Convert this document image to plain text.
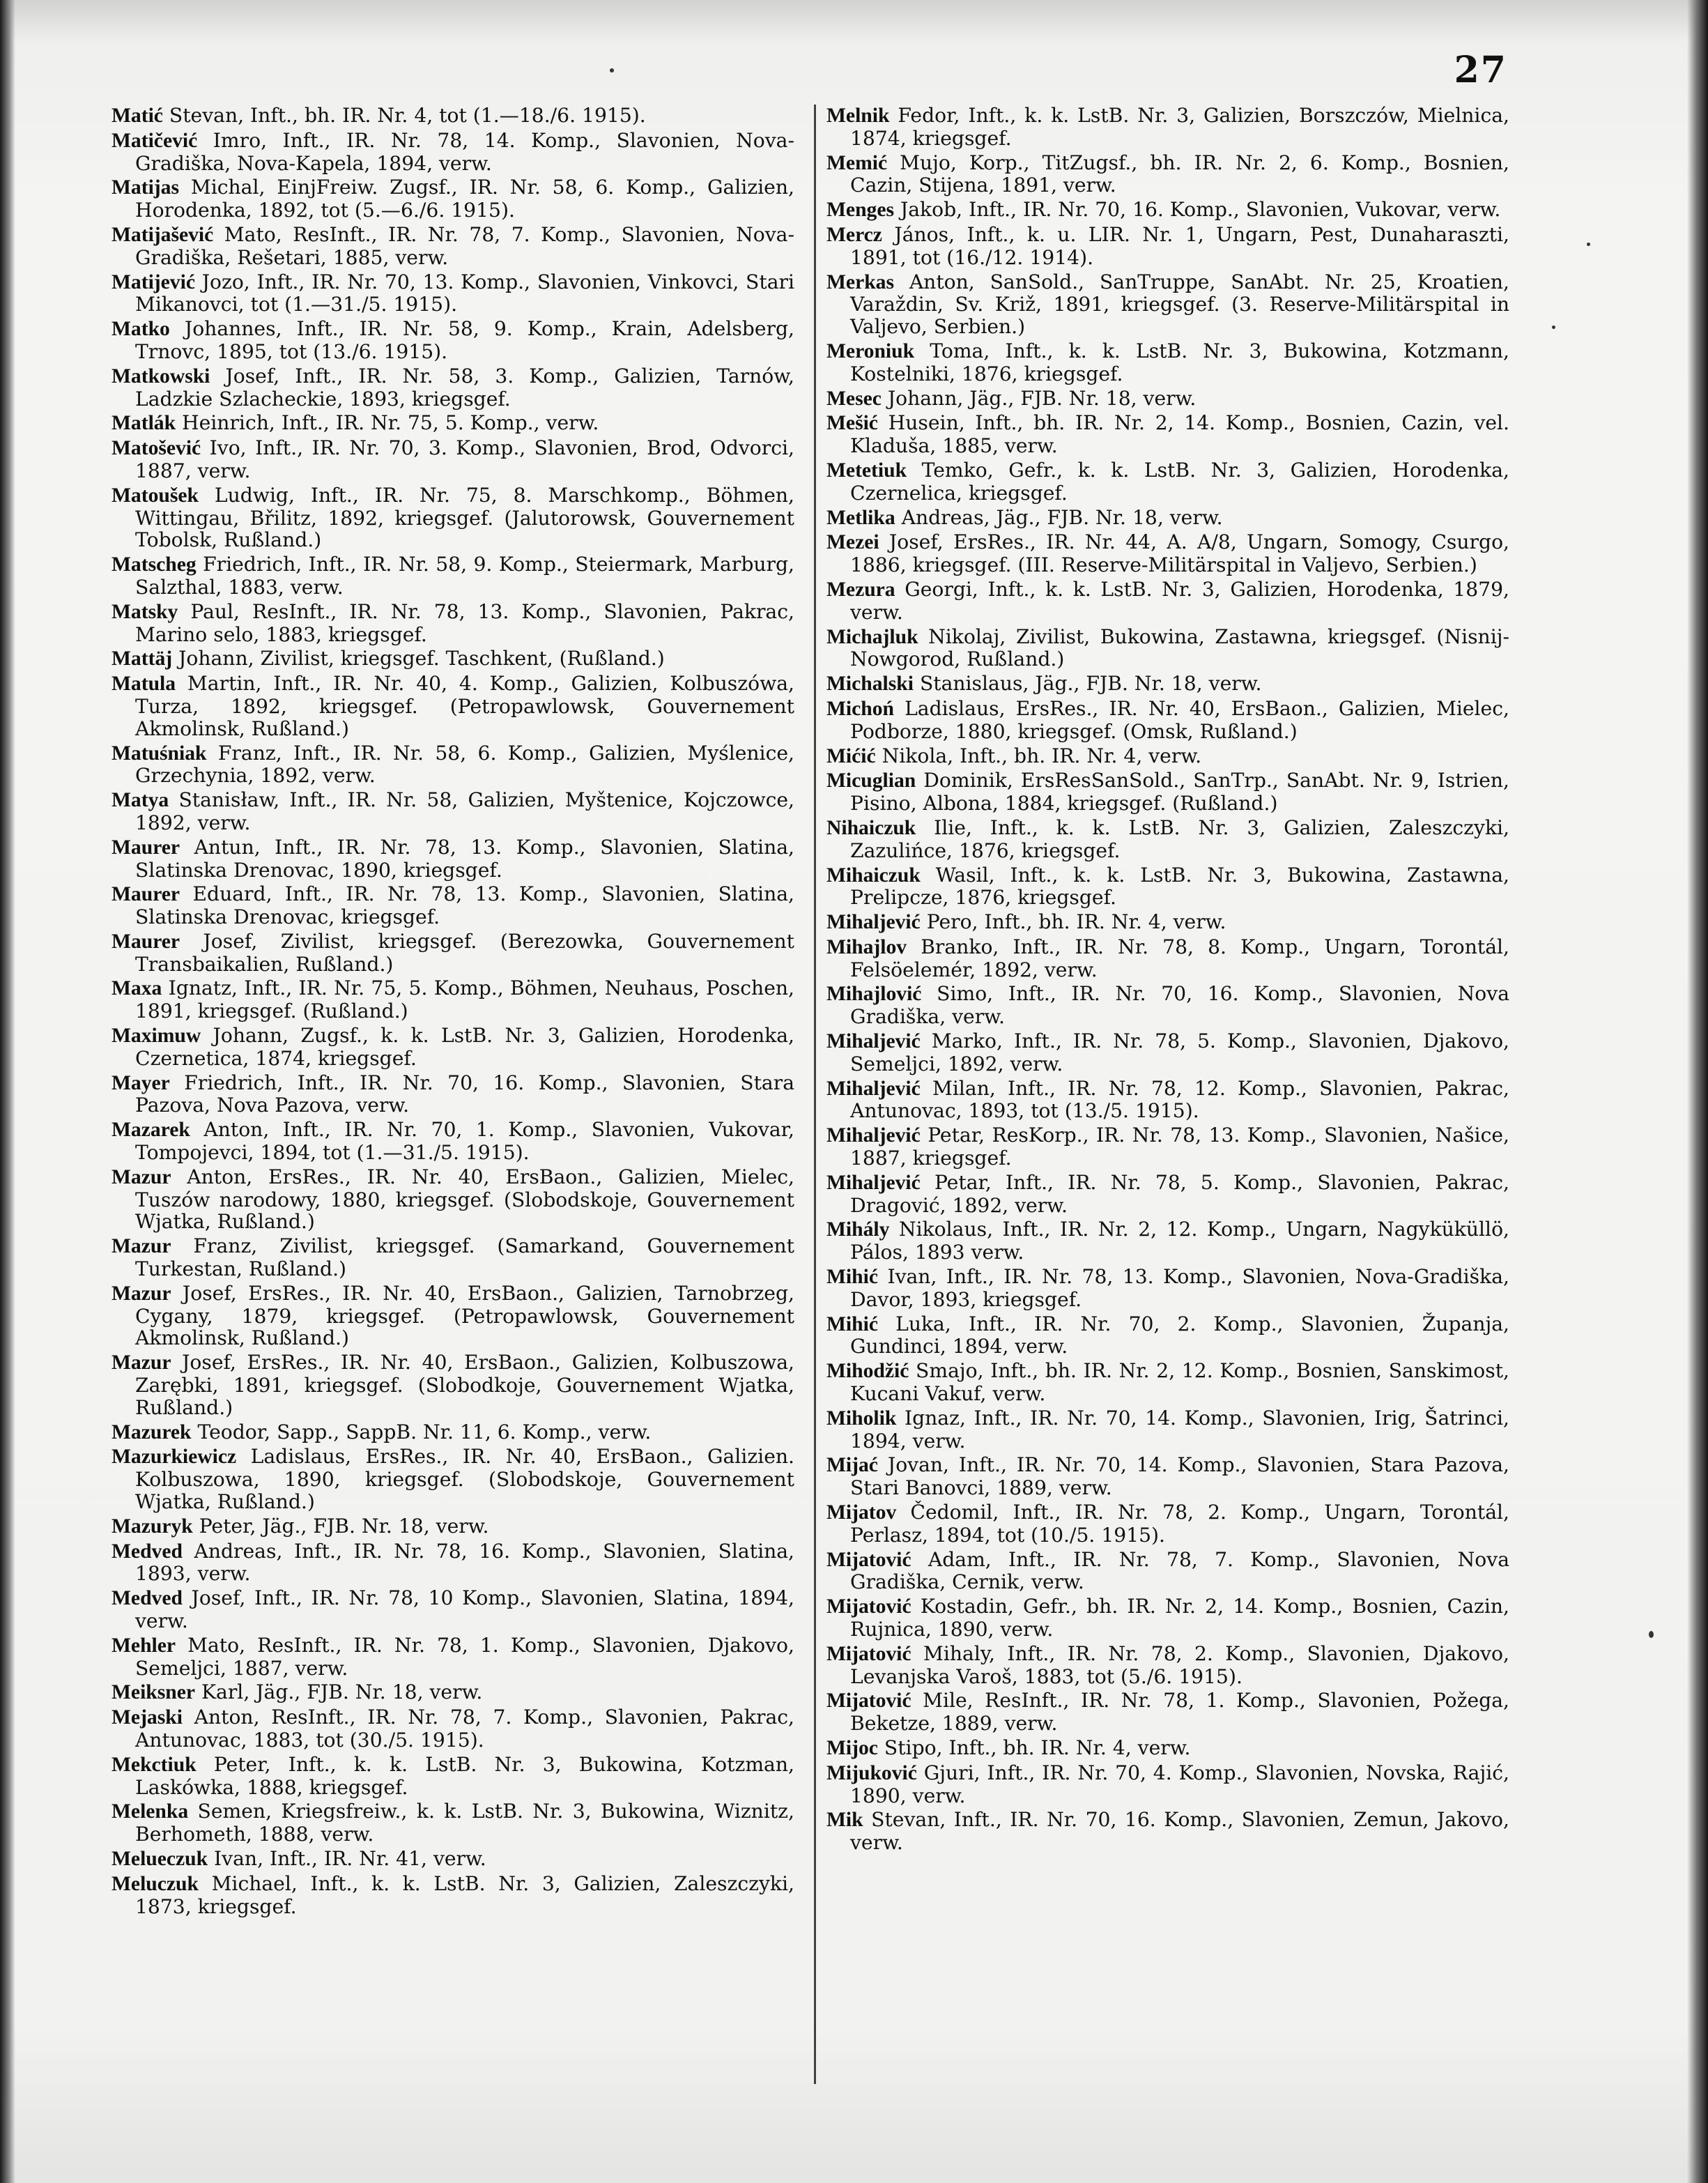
27

Matić Stevan, Inft., bh. IR. Nr. 4, tot (1.—18./6. 1915).

Matičević Imro, Inft., IR. Nr. 78, 14. Komp., Slavonien, Nova-Gradiška, Nova-Kapela, 1894, verw.

Matijas Michal, EinjFreiw. Zugsf., IR. Nr. 58, 6. Komp., Galizien, Horodenka, 1892, tot (5.—6./6. 1915).

Matijašević Mato, ResInft., IR. Nr. 78, 7. Komp., Slavonien, Nova-Gradiška, Rešetari, 1885, verw.

Matijević Jozo, Inft., IR. Nr. 70, 13. Komp., Slavonien, Vinkovci, Stari Mikanovci, tot (1.—31./5. 1915).

Matko Johannes, Inft., IR. Nr. 58, 9. Komp., Krain, Adelsberg, Trnovc, 1895, tot (13./6. 1915).

Matkowski Josef, Inft., IR. Nr. 58, 3. Komp., Galizien, Tarnów, Ladzkie Szlacheckie, 1893, kriegsgef.

Matlák Heinrich, Inft., IR. Nr. 75, 5. Komp., verw.

Matošević Ivo, Inft., IR. Nr. 70, 3. Komp., Slavonien, Brod, Odvorci, 1887, verw.

Matoušek Ludwig, Inft., IR. Nr. 75, 8. Marschkomp., Böhmen, Wittingau, Břilitz, 1892, kriegsgef. (Jalutorowsk, Gouvernement Tobolsk, Rußland.)

Matscheg Friedrich, Inft., IR. Nr. 58, 9. Komp., Steiermark, Marburg, Salzthal, 1883, verw.

Matsky Paul, ResInft., IR. Nr. 78, 13. Komp., Slavonien, Pakrac, Marino selo, 1883, kriegsgef.

Mattäj Johann, Zivilist, kriegsgef. Taschkent, (Rußland.)

Matula Martin, Inft., IR. Nr. 40, 4. Komp., Galizien, Kolbuszówa, Turza, 1892, kriegsgef. (Petropawlowsk, Gouvernement Akmolinsk, Rußland.)

Matuśniak Franz, Inft., IR. Nr. 58, 6. Komp., Galizien, Myślenice, Grzechynia, 1892, verw.

Matya Stanisław, Inft., IR. Nr. 58, Galizien, Myštenice, Kojczowce, 1892, verw.

Maurer Antun, Inft., IR. Nr. 78, 13. Komp., Slavonien, Slatina, Slatinska Drenovac, 1890, kriegsgef.

Maurer Eduard, Inft., IR. Nr. 78, 13. Komp., Slavonien, Slatina, Slatinska Drenovac, kriegsgef.

Maurer Josef, Zivilist, kriegsgef. (Berezowka, Gouvernement Transbaikalien, Rußland.)

Maxa Ignatz, Inft., IR. Nr. 75, 5. Komp., Böhmen, Neuhaus, Poschen, 1891, kriegsgef. (Rußland.)

Maximuw Johann, Zugsf., k. k. LstB. Nr. 3, Galizien, Horodenka, Czernetica, 1874, kriegsgef.

Mayer Friedrich, Inft., IR. Nr. 70, 16. Komp., Slavonien, Stara Pazova, Nova Pazova, verw.

Mazarek Anton, Inft., IR. Nr. 70, 1. Komp., Slavonien, Vukovar, Tompojevci, 1894, tot (1.—31./5. 1915).

Mazur Anton, ErsRes., IR. Nr. 40, ErsBaon., Galizien, Mielec, Tuszów narodowy, 1880, kriegsgef. (Slobodskoje, Gouvernement Wjatka, Rußland.)

Mazur Franz, Zivilist, kriegsgef. (Samarkand, Gouvernement Turkestan, Rußland.)

Mazur Josef, ErsRes., IR. Nr. 40, ErsBaon., Galizien, Tarnobrzeg, Cygany, 1879, kriegsgef. (Petropawlowsk, Gouvernement Akmolinsk, Rußland.)

Mazur Josef, ErsRes., IR. Nr. 40, ErsBaon., Galizien, Kolbuszowa, Zarębki, 1891, kriegsgef. (Slobodkoje, Gouvernement Wjatka, Rußland.)

Mazurek Teodor, Sapp., SappB. Nr. 11, 6. Komp., verw.

Mazurkiewicz Ladislaus, ErsRes., IR. Nr. 40, ErsBaon., Galizien. Kolbuszowa, 1890, kriegsgef. (Slobodskoje, Gouvernement Wjatka, Rußland.)

Mazuryk Peter, Jäg., FJB. Nr. 18, verw.

Medved Andreas, Inft., IR. Nr. 78, 16. Komp., Slavonien, Slatina, 1893, verw.

Medved Josef, Inft., IR. Nr. 78, 10 Komp., Slavonien, Slatina, 1894, verw.

Mehler Mato, ResInft., IR. Nr. 78, 1. Komp., Slavonien, Djakovo, Semeljci, 1887, verw.

Meiksner Karl, Jäg., FJB. Nr. 18, verw.

Mejaski Anton, ResInft., IR. Nr. 78, 7. Komp., Slavonien, Pakrac, Antunovac, 1883, tot (30./5. 1915).

Mekctiuk Peter, Inft., k. k. LstB. Nr. 3, Bukowina, Kotzman, Laskówka, 1888, kriegsgef.

Melenka Semen, Kriegsfreiw., k. k. LstB. Nr. 3, Bukowina, Wiznitz, Berhometh, 1888, verw.

Melueczuk Ivan, Inft., IR. Nr. 41, verw.

Meluczuk Michael, Inft., k. k. LstB. Nr. 3, Galizien, Zaleszczyki, 1873, kriegsgef.

Melnik Fedor, Inft., k. k. LstB. Nr. 3, Galizien, Borszczów, Mielnica, 1874, kriegsgef.

Memić Mujo, Korp., TitZugsf., bh. IR. Nr. 2, 6. Komp., Bosnien, Cazin, Stijena, 1891, verw.

Menges Jakob, Inft., IR. Nr. 70, 16. Komp., Slavonien, Vukovar, verw.

Mercz János, Inft., k. u. LIR. Nr. 1, Ungarn, Pest, Dunaharaszti, 1891, tot (16./12. 1914).

Merkas Anton, SanSold., SanTruppe, SanAbt. Nr. 25, Kroatien, Varaždin, Sv. Križ, 1891, kriegsgef. (3. Reserve-Militärspital in Valjevo, Serbien.)

Meroniuk Toma, Inft., k. k. LstB. Nr. 3, Bukowina, Kotzmann, Kostelniki, 1876, kriegsgef.

Mesec Johann, Jäg., FJB. Nr. 18, verw.

Mešić Husein, Inft., bh. IR. Nr. 2, 14. Komp., Bosnien, Cazin, vel. Kladuša, 1885, verw.

Metetiuk Temko, Gefr., k. k. LstB. Nr. 3, Galizien, Horodenka, Czernelica, kriegsgef.

Metlika Andreas, Jäg., FJB. Nr. 18, verw.

Mezei Josef, ErsRes., IR. Nr. 44, A. A/8, Ungarn, Somogy, Csurgo, 1886, kriegsgef. (III. Reserve-Militärspital in Valjevo, Serbien.)

Mezura Georgi, Inft., k. k. LstB. Nr. 3, Galizien, Horodenka, 1879, verw.

Michajluk Nikolaj, Zivilist, Bukowina, Zastawna, kriegsgef. (Nisnij-Nowgorod, Rußland.)

Michalski Stanislaus, Jäg., FJB. Nr. 18, verw.

Michoń Ladislaus, ErsRes., IR. Nr. 40, ErsBaon., Galizien, Mielec, Podborze, 1880, kriegsgef. (Omsk, Rußland.)

Mićić Nikola, Inft., bh. IR. Nr. 4, verw.

Micuglian Dominik, ErsResSanSold., SanTrp., SanAbt. Nr. 9, Istrien, Pisino, Albona, 1884, kriegsgef. (Rußland.)

Nihaiczuk Ilie, Inft., k. k. LstB. Nr. 3, Galizien, Zaleszczyki, Zazulińce, 1876, kriegsgef.

Mihaiczuk Wasil, Inft., k. k. LstB. Nr. 3, Bukowina, Zastawna, Prelipcze, 1876, kriegsgef.

Mihaljević Pero, Inft., bh. IR. Nr. 4, verw.

Mihajlov Branko, Inft., IR. Nr. 78, 8. Komp., Ungarn, Torontál, Felsöelemér, 1892, verw.

Mihajlović Simo, Inft., IR. Nr. 70, 16. Komp., Slavonien, Nova Gradiška, verw.

Mihaljević Marko, Inft., IR. Nr. 78, 5. Komp., Slavonien, Djakovo, Semeljci, 1892, verw.

Mihaljević Milan, Inft., IR. Nr. 78, 12. Komp., Slavonien, Pakrac, Antunovac, 1893, tot (13./5. 1915).

Mihaljević Petar, ResKorp., IR. Nr. 78, 13. Komp., Slavonien, Našice, 1887, kriegsgef.

Mihaljević Petar, Inft., IR. Nr. 78, 5. Komp., Slavonien, Pakrac, Dragović, 1892, verw.

Mihály Nikolaus, Inft., IR. Nr. 2, 12. Komp., Ungarn, Nagyküküllö, Pálos, 1893 verw.

Mihić Ivan, Inft., IR. Nr. 78, 13. Komp., Slavonien, Nova-Gradiška, Davor, 1893, kriegsgef.

Mihić Luka, Inft., IR. Nr. 70, 2. Komp., Slavonien, Županja, Gundinci, 1894, verw.

Mihodžić Smajo, Inft., bh. IR. Nr. 2, 12. Komp., Bosnien, Sanskimost, Kucani Vakuf, verw.

Miholik Ignaz, Inft., IR. Nr. 70, 14. Komp., Slavonien, Irig, Šatrinci, 1894, verw.

Mijać Jovan, Inft., IR. Nr. 70, 14. Komp., Slavonien, Stara Pazova, Stari Banovci, 1889, verw.

Mijatov Čedomil, Inft., IR. Nr. 78, 2. Komp., Ungarn, Torontál, Perlasz, 1894, tot (10./5. 1915).

Mijatović Adam, Inft., IR. Nr. 78, 7. Komp., Slavonien, Nova Gradiška, Cernik, verw.

Mijatović Kostadin, Gefr., bh. IR. Nr. 2, 14. Komp., Bosnien, Cazin, Rujnica, 1890, verw.

Mijatović Mihaly, Inft., IR. Nr. 78, 2. Komp., Slavonien, Djakovo, Levanjska Varoš, 1883, tot (5./6. 1915).

Mijatović Mile, ResInft., IR. Nr. 78, 1. Komp., Slavonien, Požega, Beketze, 1889, verw.

Mijoc Stipo, Inft., bh. IR. Nr. 4, verw.

Mijuković Gjuri, Inft., IR. Nr. 70, 4. Komp., Slavonien, Novska, Rajić, 1890, verw.

Mik Stevan, Inft., IR. Nr. 70, 16. Komp., Slavonien, Zemun, Jakovo, verw.
